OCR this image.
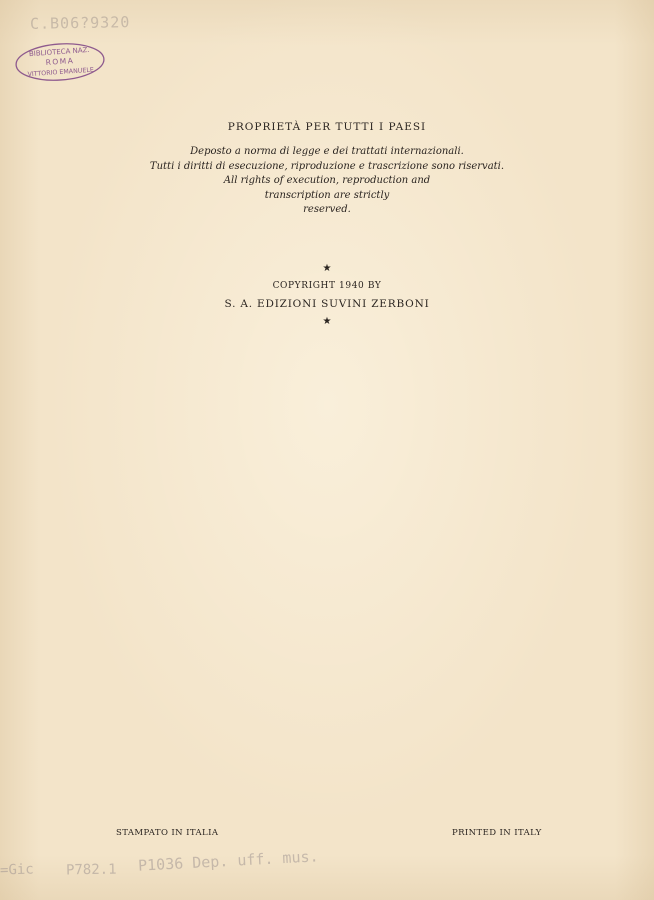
C.B06?9320
BIBLIOTECA NAZ.
ROMA
VITTORIO EMANUELE
PROPRIETÀ PER TUTTI I PAESI
Deposto a norma di legge e dei trattati internazionali.
Tutti i diritti di esecuzione, riproduzione e trascrizione sono riservati.
All rights of execution, reproduction and
transcription are strictly
reserved.
★
COPYRIGHT 1940 BY
S. A. EDIZIONI SUVINI ZERBONI
★
STAMPATO IN ITALIA	PRINTED IN ITALY
=Gic P782.1 P1036 Dep. uff. mus.
